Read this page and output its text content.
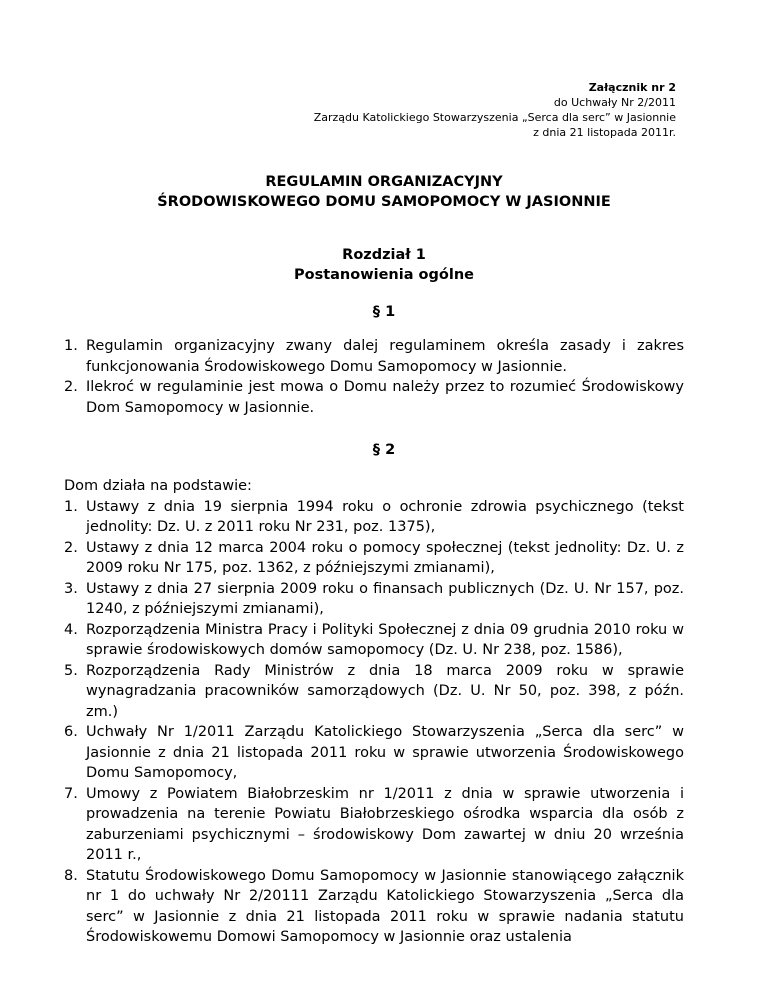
Załącznik nr 2
do Uchwały Nr 2/2011
Zarządu Katolickiego Stowarzyszenia „Serca dla serc” w Jasionnie
z dnia 21 listopada 2011r.
REGULAMIN ORGANIZACYJNY
ŚRODOWISKOWEGO DOMU SAMOPOMOCY W JASIONNIE
Rozdział 1
Postanowienia ogólne
§ 1
1. Regulamin organizacyjny zwany dalej regulaminem określa zasady i zakres funkcjonowania Środowiskowego Domu Samopomocy w Jasionnie.
2. Ilekroć w regulaminie jest mowa o Domu należy przez to rozumieć Środowiskowy Dom Samopomocy w Jasionnie.
§ 2
Dom działa na podstawie:
1. Ustawy z dnia 19 sierpnia 1994 roku o ochronie zdrowia psychicznego (tekst jednolity: Dz. U. z 2011 roku Nr 231, poz. 1375),
2. Ustawy z dnia 12 marca 2004 roku o pomocy społecznej (tekst jednolity: Dz. U. z 2009 roku Nr 175, poz. 1362, z późniejszymi zmianami),
3. Ustawy z dnia 27 sierpnia 2009 roku o finansach publicznych (Dz. U. Nr 157, poz. 1240, z późniejszymi zmianami),
4. Rozporządzenia Ministra Pracy i Polityki Społecznej z dnia 09 grudnia 2010 roku w sprawie środowiskowych domów samopomocy (Dz. U. Nr 238, poz. 1586),
5. Rozporządzenia Rady Ministrów z dnia 18 marca 2009 roku w sprawie wynagradzania pracowników samorządowych (Dz. U. Nr 50, poz. 398, z późn. zm.)
6. Uchwały Nr 1/2011 Zarządu Katolickiego Stowarzyszenia „Serca dla serc” w Jasionnie z dnia 21 listopada 2011 roku w sprawie utworzenia Środowiskowego Domu Samopomocy,
7. Umowy z Powiatem Białobrzeskim nr 1/2011 z dnia w sprawie utworzenia i prowadzenia na terenie Powiatu Białobrzeskiego ośrodka wsparcia dla osób z zaburzeniami psychicznymi – środowiskowy Dom zawartej w dniu 20 września 2011 r.,
8. Statutu Środowiskowego Domu Samopomocy w Jasionnie stanowiącego załącznik nr 1 do uchwały Nr 2/20111 Zarządu Katolickiego Stowarzyszenia „Serca dla serc” w Jasionnie z dnia 21 listopada 2011 roku w sprawie nadania statutu Środowiskowemu Domowi Samopomocy w Jasionnie oraz ustalenia
